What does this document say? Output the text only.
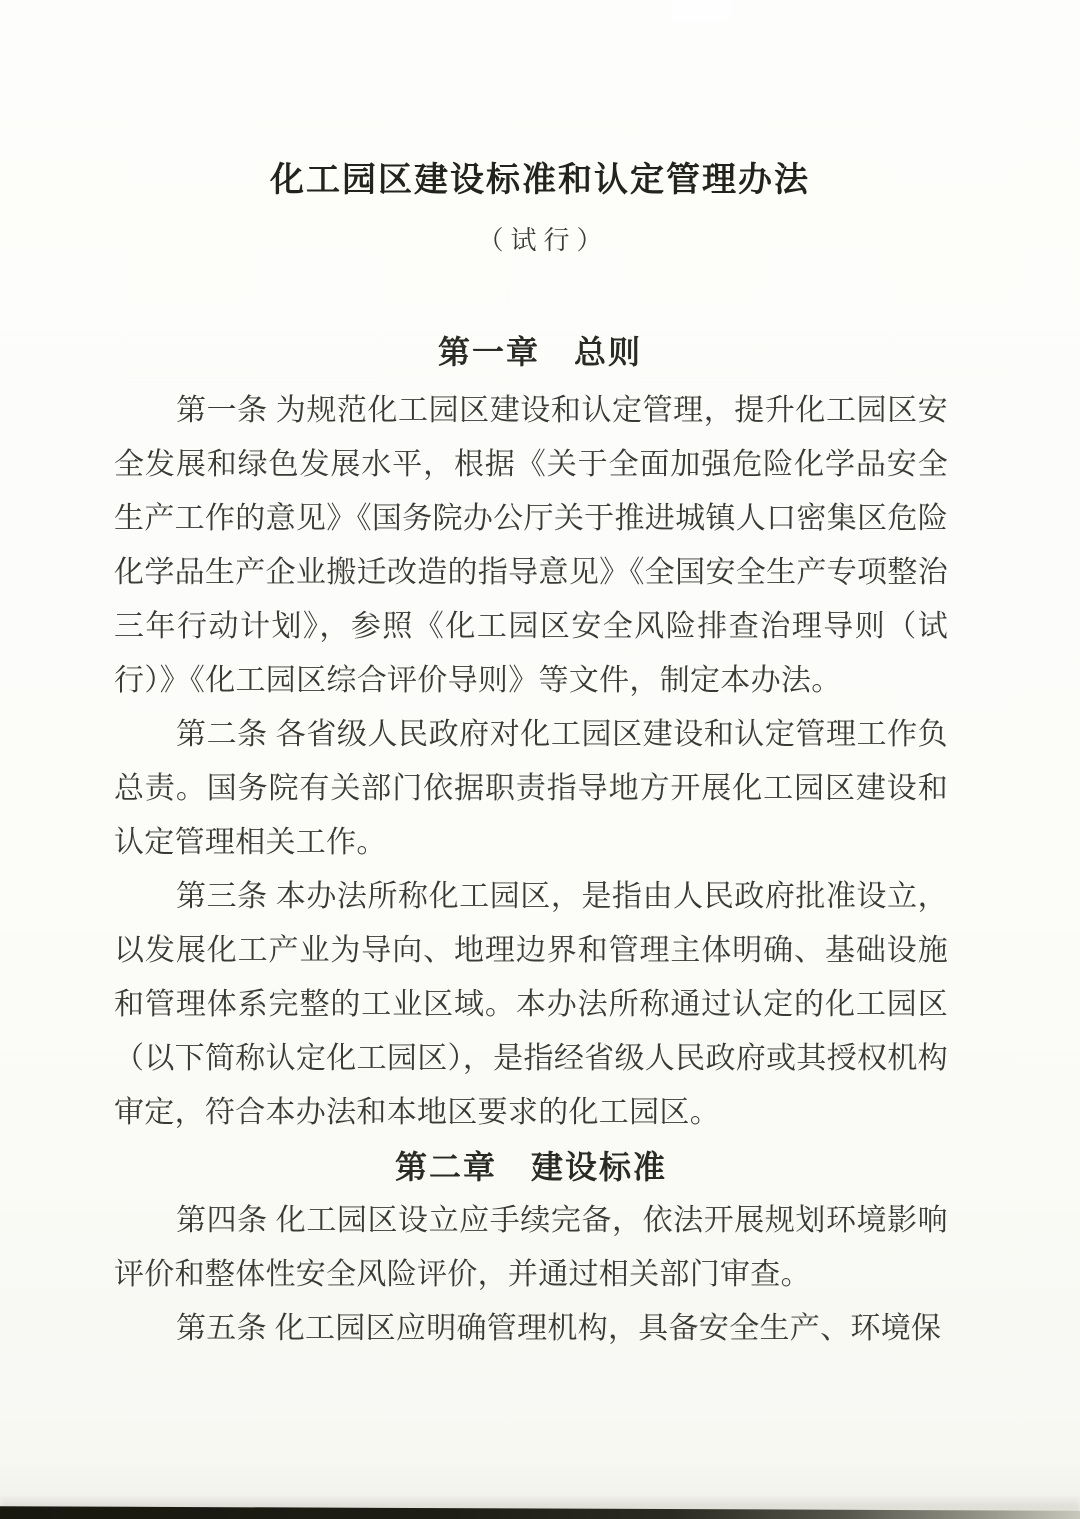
化工园区建设标准和认定管理办法
（试行）
第一章　总则

第一条 为规范化工园区建设和认定管理，提升化工园区安全发展和绿色发展水平，根据《关于全面加强危险化学品安全生产工作的意见》《国务院办公厅关于推进城镇人口密集区危险化学品生产企业搬迁改造的指导意见》《全国安全生产专项整治三年行动计划》，参照《化工园区安全风险排查治理导则（试行）》《化工园区综合评价导则》等文件，制定本办法。

第二条 各省级人民政府对化工园区建设和认定管理工作负总责。国务院有关部门依据职责指导地方开展化工园区建设和认定管理相关工作。

第三条 本办法所称化工园区，是指由人民政府批准设立，以发展化工产业为导向、地理边界和管理主体明确、基础设施和管理体系完整的工业区域。本办法所称通过认定的化工园区（以下简称认定化工园区），是指经省级人民政府或其授权机构审定，符合本办法和本地区要求的化工园区。

第二章　建设标准

第四条 化工园区设立应手续完备，依法开展规划环境影响评价和整体性安全风险评价，并通过相关部门审查。

第五条 化工园区应明确管理机构，具备安全生产、环境保
